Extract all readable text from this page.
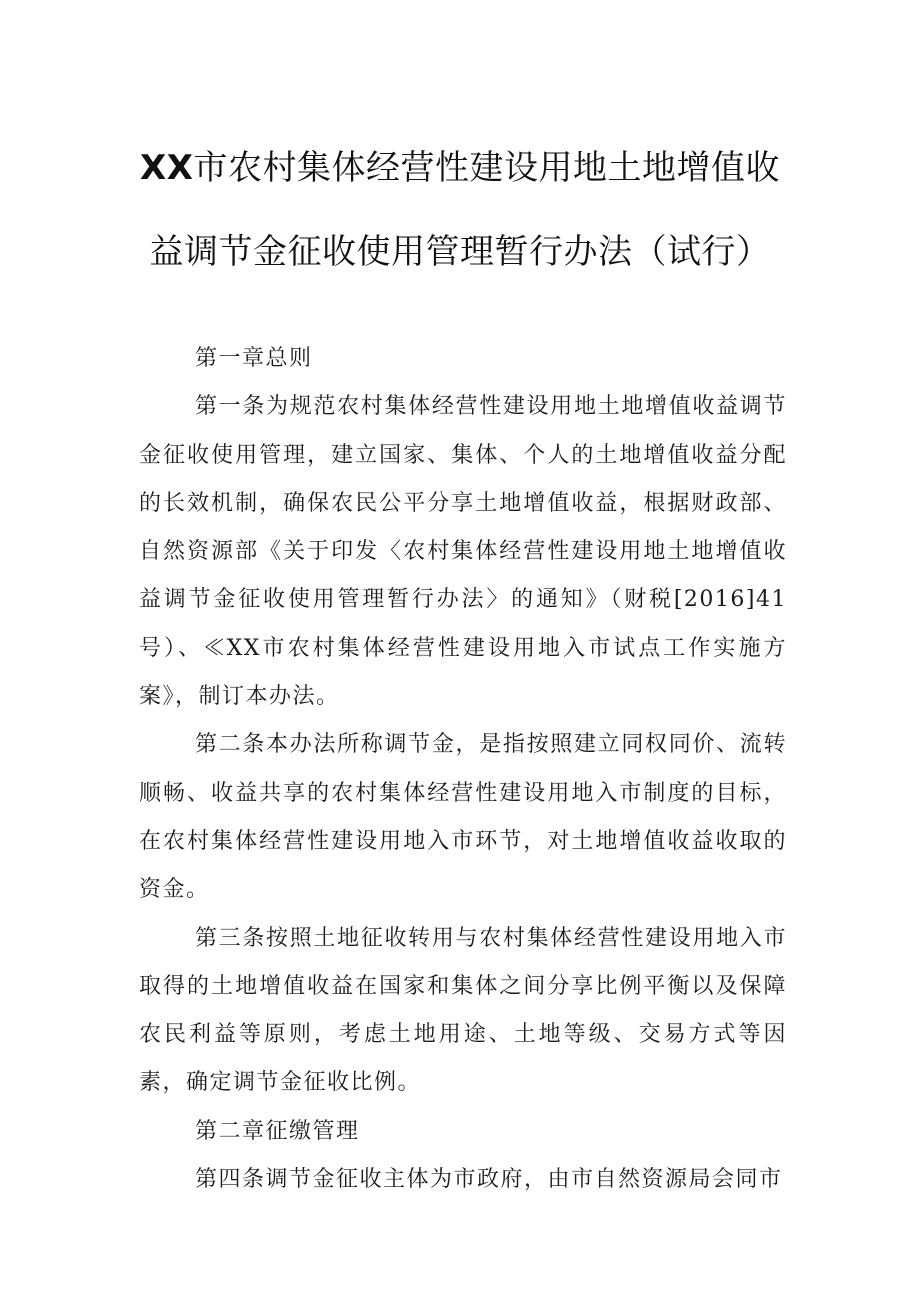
XX市农村集体经营性建设用地土地增值收
益调节金征收使用管理暂行办法（试行）

第一章总则

第一条为规范农村集体经营性建设用地土地增值收益调节金征收使用管理，建立国家、集体、个人的土地增值收益分配的长效机制，确保农民公平分享土地增值收益，根据财政部、自然资源部《关于印发〈农村集体经营性建设用地土地增值收益调节金征收使用管理暂行办法〉的通知》（财税[2016]41号）、≪XX市农村集体经营性建设用地入市试点工作实施方案》，制订本办法。

第二条本办法所称调节金，是指按照建立同权同价、流转顺畅、收益共享的农村集体经营性建设用地入市制度的目标，在农村集体经营性建设用地入市环节，对土地增值收益收取的资金。

第三条按照土地征收转用与农村集体经营性建设用地入市取得的土地增值收益在国家和集体之间分享比例平衡以及保障农民利益等原则，考虑土地用途、土地等级、交易方式等因素，确定调节金征收比例。

第二章征缴管理

第四条调节金征收主体为市政府，由市自然资源局会同市
